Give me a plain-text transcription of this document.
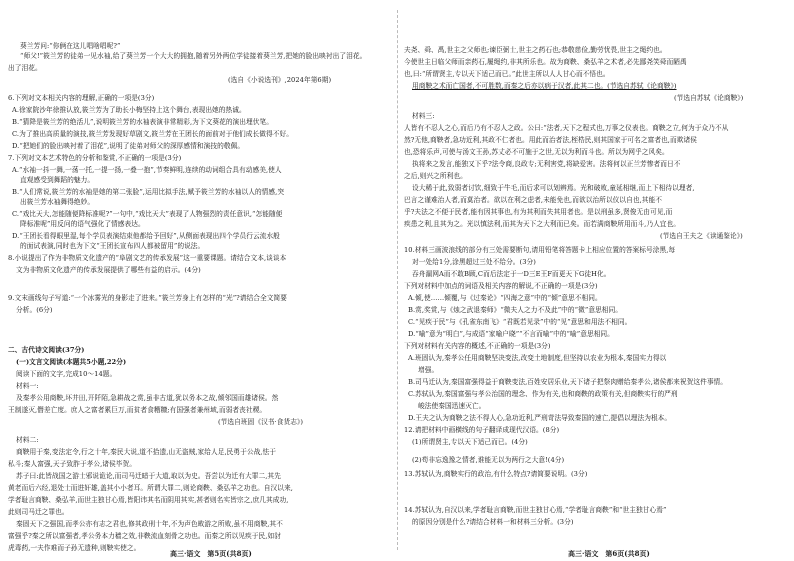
葵兰芳问:“你俩在这儿唱啥唱呢?”
“师父!”筱兰芳的徒弟一见水袖,给了葵兰芳一个大大的拥抱,随着另外两位学徒接着葵兰芳,把她的脸出映衬出了泪花。
出了泪花。
(选自《小说选刊》,2024年第6期)
6.下列对文本相关内容的理解,正确的一项是(3分)
A.徐家院沙年徐推认放,筱兰芳为了助长小梅坚持上这个舞台,表现出她的热诚。
B.“猜降是筱兰芳的绝活儿”,说明筱兰芳的水袖表演非常精彩,为下文葵花的演出埋伏笔。
C.为了推出高质量的演技,筱兰芳发现好草剧文,筱兰芳在王团长的面前对于他们成长做得不好。
D.“把她们的脸出映衬着了泪花”,说明了徒弟对师父的深厚感情和演技的敬佩。
7.下列对文本艺术特色的分析和鉴赏,不正确的一项是(3分)
A.“水袖一抖一舞,一荡一托,一提一扬,一叠一抱”,节奏鲜明,连续的动词组合具有动感美,使人
直观感受到舞蹈的魅力。
B.“人们常说,筱兰芳的水袖是她的第二张脸”,运用比拟手法,赋予筱兰芳的水袖以人的情感,突
出筱兰芳水袖舞得绝妙。
C.“戏比天大,怎能随便降标准呢?”一句中,“戏比天大”表现了人物强烈的责任意识,“怎能随便
降标准呢”用反问的语气强化了情感表达。
D.“王团长看得眼里湿,每个学员表演结束他都给予回好”,从侧面表现出四个学员行云流水般
的面试表演,同时也为下文“王团长宣布四人都被留用”的说法。
8.小说提出了作为非物质文化遗产的“阜剧文艺的传承发展”这一重要课题。请结合文本,谈谈本
文为非物质文化遗产的传承发展提供了哪些有益的启示。(4分)
9.文末画线句子写道:“一个冰雾光的身影走了进来。”筱兰芳身上有怎样的“光”?请结合全文简要
分析。(6分)
二、古代诗文阅读(37分)
(一)文言文阅读(本题共5小题,22分)
阅读下面的文字,完成10～14题。
材料一:
及秦孝公用商鞅,坏井田,开阡陌,急耕战之赏,虽非古道,犹以务本之故,倾邻国而雄诸侯。然
王制遂灭,僭差亡度。庶人之富者累巨万,而贫者食糟糠;有国强者兼州域,而弱者丧社稷。
(节选自班固《汉书·食货志》)
材料二:
商鞅用于秦,变法定令,行之十年,秦民大说,道不拾遗,山无盗贼,家给人足,民勇于公战,怯于
私斗;秦人富强,天子致胙于孝公,诸侯毕贺。
苏子曰:此皆战国之游士邪说诡论,而司马迁暗于大道,取以为史。吾尝以为迁有大罪二,其先
黄老而后六经,退处士而进奸雄,盖其小小者耳。所谓大罪二,则论商鞅、桑弘羊之功也。自汉以来,
学者耻言商鞅、桑弘羊,而世主独甘心焉,皆阳讳其名而阴用其实,甚者则名实皆宗之,庶几其成功,
此则司马迁之罪也。
秦固天下之强国,而孝公亦有志之君也,修其政刑十年,不为声色畋游之所败,虽不用商鞅,其不
富强乎?秦之所以富强者,孝公务本力穑之效,非鞅流血刻骨之功也。而秦之所以见疾于民,如豺
虎毒药,一夫作难而子孙无遗种,则鞅实使之。
夫尧、舜、禹,世主之父师也;谏臣弼士,世主之药石也;恭敬慈俭,勤劳忧畏,世主之绳约也。
今使世主日临父师而亲药石,履绳约,非其所乐也。故为商鞅、桑弘羊之术者,必先鄙尧笑舜而陋禹
也,曰:“所谓贤主,专以天下适己而已。”此世主所以人人甘心而不悟也。
用商鞅之术而亡国者,不可胜数,而秦之后亦以病于汉者,此其二也。(节选自苏轼《论商鞅》)
(节选自苏轼《论商鞅》)
材料三:
人皆有不忍人之心,而后乃有不忍人之政。公曰:“法者,天下之程式也,万事之仪表也。商鞅之立,何为于众乃不从
然?无他,商鞅者,急功近利,其政不仁者也。用此而治者法,桎梏民,则其国家于可名之富者也,而欺诸侯
也,恐将乐声,可使与汤文王孙,苏丈必不可施于之世,无以为利而斗也。所以为网乎之风矣。
执将来之发言,能独又下乎?法令商,良政专;无利害党,将缺爱害。法将何以正兰芳惨者而日不
之后,则兴之所利也。
设大稀于此,致弱者讨饮,细致于牛毛,而后求可以划辨焉。光和破败,童延相继,而上下相待以理者,
巴言之谨难治人者,而莫治者。欲以在利之虑者,未能免也,而欲以治所以仪以自也,其能不
乎?夫法之不便于民者,能有因其事也,有为其利而失其用者也。是以刑虽多,贤俊无由可见,而
疾患之利,且其为之。光以慎法利,而其为天下之大利而已矣。而若满商鞅所用而斗,乃人宜也。
(节选自王夫之《读通鉴论》)
10.材料三画波浪线的部分有三处需要断句,请用铅笔将答题卡上相应位置的答案标号涂黑,每
对一处给1分,涂黑超过三处不给分。(3分)
吞舟漏网A而不敢B顾,C而后法定于一D三E王F而更天下G徒H化。
下列对材料中加点的词语及相关内容的解说,不正确的一项是(3分)
A.倾,使……倾覆,与《过秦论》“四海之意”中的“倾”意思不相同。
B.赏,奖赏,与《烛之武退秦师》“微夫人之力不及此”中的“微”意思相同。
C.“见疾于民”与《孔雀东南飞》“君既若见录”中的“见”意思和用法不相同。
D.“喻”意为“明白”,与成语“家喻户晓”“不言而喻”中的“喻”意思相同。
下列对材料有关内容的概述,不正确的一项是(3分)
A.班固认为,秦孝公任用商鞅坚决变法,改变土地制度,但坚持以农业为根本,秦国实力得以
增强。
B.司马迁认为,秦国富强得益于商鞅变法,百姓安居乐业,天下诸子把祭肉赠给秦孝公,诸侯都来祝贺这件事情。
C.苏轼认为,秦国富强与孝公治国的理念、作为有关,也和商鞅的政策有关,但商鞅实行的严刑
峻法使秦国迅速灭亡。
D.王夫之认为商鞅之法不得人心,急功近利,严刑苛法导致秦国的速亡,提倡以理法为根本。
12.请把材料中画横线的句子翻译成现代汉语。(8分)
(1)所谓贤主,专以天下适己而已。(4分)
(2)苟非忘逸豫之情者,谁能无以为两行之大意!(4分)
13.苏轼认为,商鞅实行的政治,有什么特点?请简要说明。(3分)
14.苏轼认为,自汉以来,学者耻言商鞅,而世主独甘心焉,“学者耻言商鞅”和“世主独甘心焉”
的原因分别是什么?请结合材料一和材料三分析。(3分)
高三·语文　第5页(共8页)	高三·语文　第6页(共8页)
